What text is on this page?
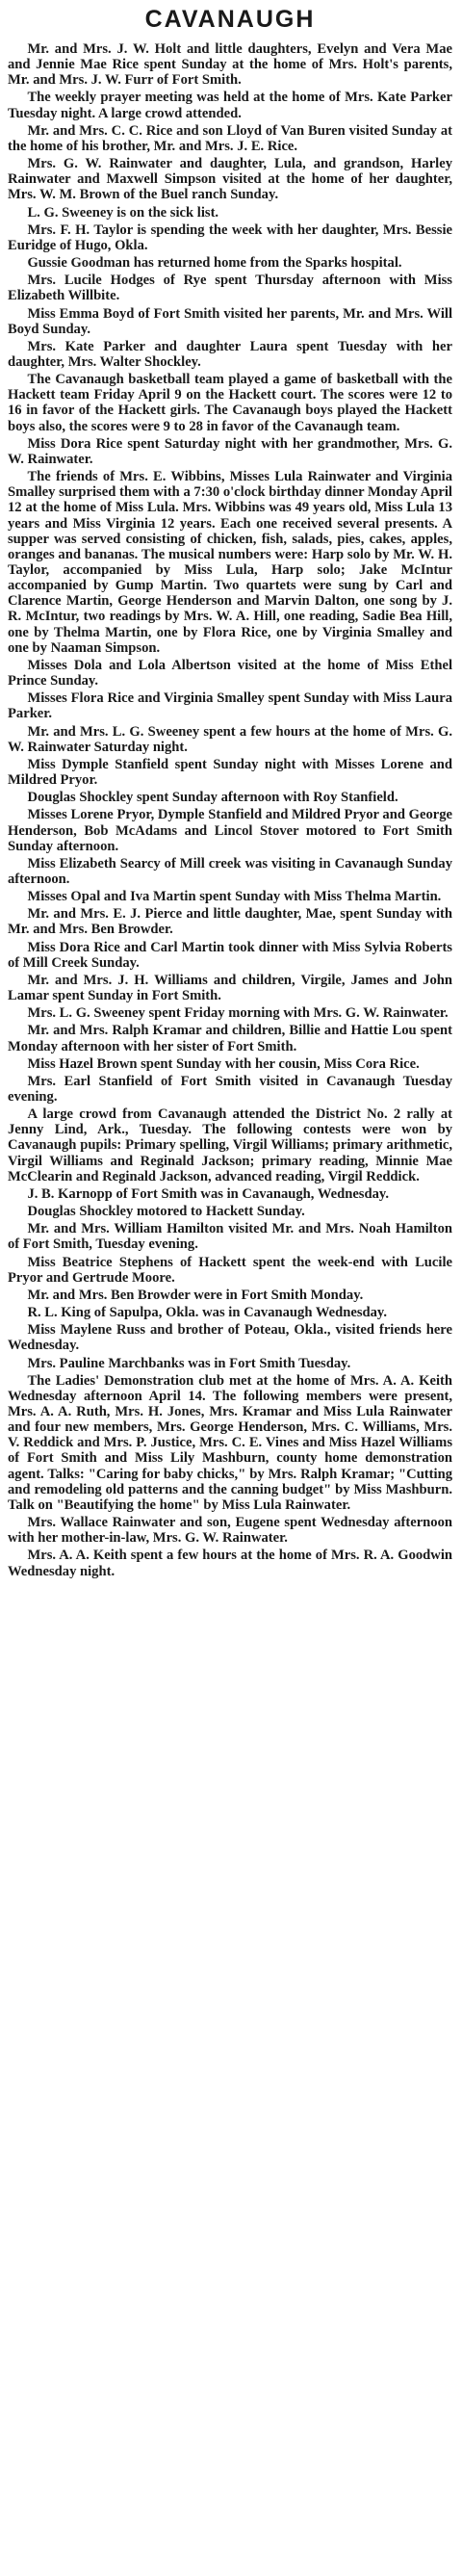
CAVANAUGH

Mr. and Mrs. J. W. Holt and little daughters, Evelyn and Vera Mae and Jennie Mae Rice spent Sunday at the home of Mrs. Holt's parents, Mr. and Mrs. J. W. Furr of Fort Smith.

The weekly prayer meeting was held at the home of Mrs. Kate Parker Tuesday night. A large crowd attended.

Mr. and Mrs. C. C. Rice and son Lloyd of Van Buren visited Sunday at the home of his brother, Mr. and Mrs. J. E. Rice.

Mrs. G. W. Rainwater and daughter, Lula, and grandson, Harley Rainwater and Maxwell Simpson visited at the home of her daughter, Mrs. W. M. Brown of the Buel ranch Sunday.

L. G. Sweeney is on the sick list.

Mrs. F. H. Taylor is spending the week with her daughter, Mrs. Bessie Euridge of Hugo, Okla.

Gussie Goodman has returned home from the Sparks hospital.

Mrs. Lucile Hodges of Rye spent Thursday afternoon with Miss Elizabeth Willbite.

Miss Emma Boyd of Fort Smith visited her parents, Mr. and Mrs. Will Boyd Sunday.

Mrs. Kate Parker and daughter Laura spent Tuesday with her daughter, Mrs. Walter Shockley.

The Cavanaugh basketball team played a game of basketball with the Hackett team Friday April 9 on the Hackett court. The scores were 12 to 16 in favor of the Hackett girls. The Cavanaugh boys played the Hackett boys also, the scores were 9 to 28 in favor of the Cavanaugh team.

Miss Dora Rice spent Saturday night with her grandmother, Mrs. G. W. Rainwater.

The friends of Mrs. E. Wibbins, Misses Lula Rainwater and Virginia Smalley surprised them with a 7:30 o'clock birthday dinner Monday April 12 at the home of Miss Lula. Mrs. Wibbins was 49 years old, Miss Lula 13 years and Miss Virginia 12 years. Each one received several presents. A supper was served consisting of chicken, fish, salads, pies, cakes, apples, oranges and bananas. The musical numbers were: Harp solo by Mr. W. H. Taylor, accompanied by Miss Lula, Harp solo; Jake McIntur accompanied by Gump Martin. Two quartets were sung by Carl and Clarence Martin, George Henderson and Marvin Dalton, one song by J. R. McIntur, two readings by Mrs. W. A. Hill, one reading, Sadie Bea Hill, one by Thelma Martin, one by Flora Rice, one by Virginia Smalley and one by Naaman Simpson.

Misses Dola and Lola Albertson visited at the home of Miss Ethel Prince Sunday.

Misses Flora Rice and Virginia Smalley spent Sunday with Miss Laura Parker.

Mr. and Mrs. L. G. Sweeney spent a few hours at the home of Mrs. G. W. Rainwater Saturday night.

Miss Dymple Stanfield spent Sunday night with Misses Lorene and Mildred Pryor.

Douglas Shockley spent Sunday afternoon with Roy Stanfield.

Misses Lorene Pryor, Dymple Stanfield and Mildred Pryor and George Henderson, Bob McAdams and Lincol Stover motored to Fort Smith Sunday afternoon.

Miss Elizabeth Searcy of Mill creek was visiting in Cavanaugh Sunday afternoon.

Misses Opal and Iva Martin spent Sunday with Miss Thelma Martin.

Mr. and Mrs. E. J. Pierce and little daughter, Mae, spent Sunday with Mr. and Mrs. Ben Browder.

Miss Dora Rice and Carl Martin took dinner with Miss Sylvia Roberts of Mill Creek Sunday.

Mr. and Mrs. J. H. Williams and children, Virgile, James and John Lamar spent Sunday in Fort Smith.

Mrs. L. G. Sweeney spent Friday morning with Mrs. G. W. Rainwater.

Mr. and Mrs. Ralph Kramar and children, Billie and Hattie Lou spent Monday afternoon with her sister of Fort Smith.

Miss Hazel Brown spent Sunday with her cousin, Miss Cora Rice.

Mrs. Earl Stanfield of Fort Smith visited in Cavanaugh Tuesday evening.

A large crowd from Cavanaugh attended the District No. 2 rally at Jenny Lind, Ark., Tuesday. The following contests were won by Cavanaugh pupils: Primary spelling, Virgil Williams; primary arithmetic, Virgil Williams and Reginald Jackson; primary reading, Minnie Mae McClearin and Reginald Jackson, advanced reading, Virgil Reddick.

J. B. Karnopp of Fort Smith was in Cavanaugh, Wednesday.

Douglas Shockley motored to Hackett Sunday.

Mr. and Mrs. William Hamilton visited Mr. and Mrs. Noah Hamilton of Fort Smith, Tuesday evening.

Miss Beatrice Stephens of Hackett spent the week-end with Lucile Pryor and Gertrude Moore.

Mr. and Mrs. Ben Browder were in Fort Smith Monday.

R. L. King of Sapulpa, Okla. was in Cavanaugh Wednesday.

Miss Maylene Russ and brother of Poteau, Okla., visited friends here Wednesday.

Mrs. Pauline Marchbanks was in Fort Smith Tuesday.

The Ladies' Demonstration club met at the home of Mrs. A. A. Keith Wednesday afternoon April 14. The following members were present, Mrs. A. A. Ruth, Mrs. H. Jones, Mrs. Kramar and Miss Lula Rainwater and four new members, Mrs. George Henderson, Mrs. C. Williams, Mrs. V. Reddick and Mrs. P. Justice, Mrs. C. E. Vines and Miss Hazel Williams of Fort Smith and Miss Lily Mashburn, county home demonstration agent. Talks: "Caring for baby chicks," by Mrs. Ralph Kramar; "Cutting and remodeling old patterns and the canning budget" by Miss Mashburn. Talk on "Beautifying the home" by Miss Lula Rainwater.

Mrs. Wallace Rainwater and son, Eugene spent Wednesday afternoon with her mother-in-law, Mrs. G. W. Rainwater.

Mrs. A. A. Keith spent a few hours at the home of Mrs. R. A. Goodwin Wednesday night.
